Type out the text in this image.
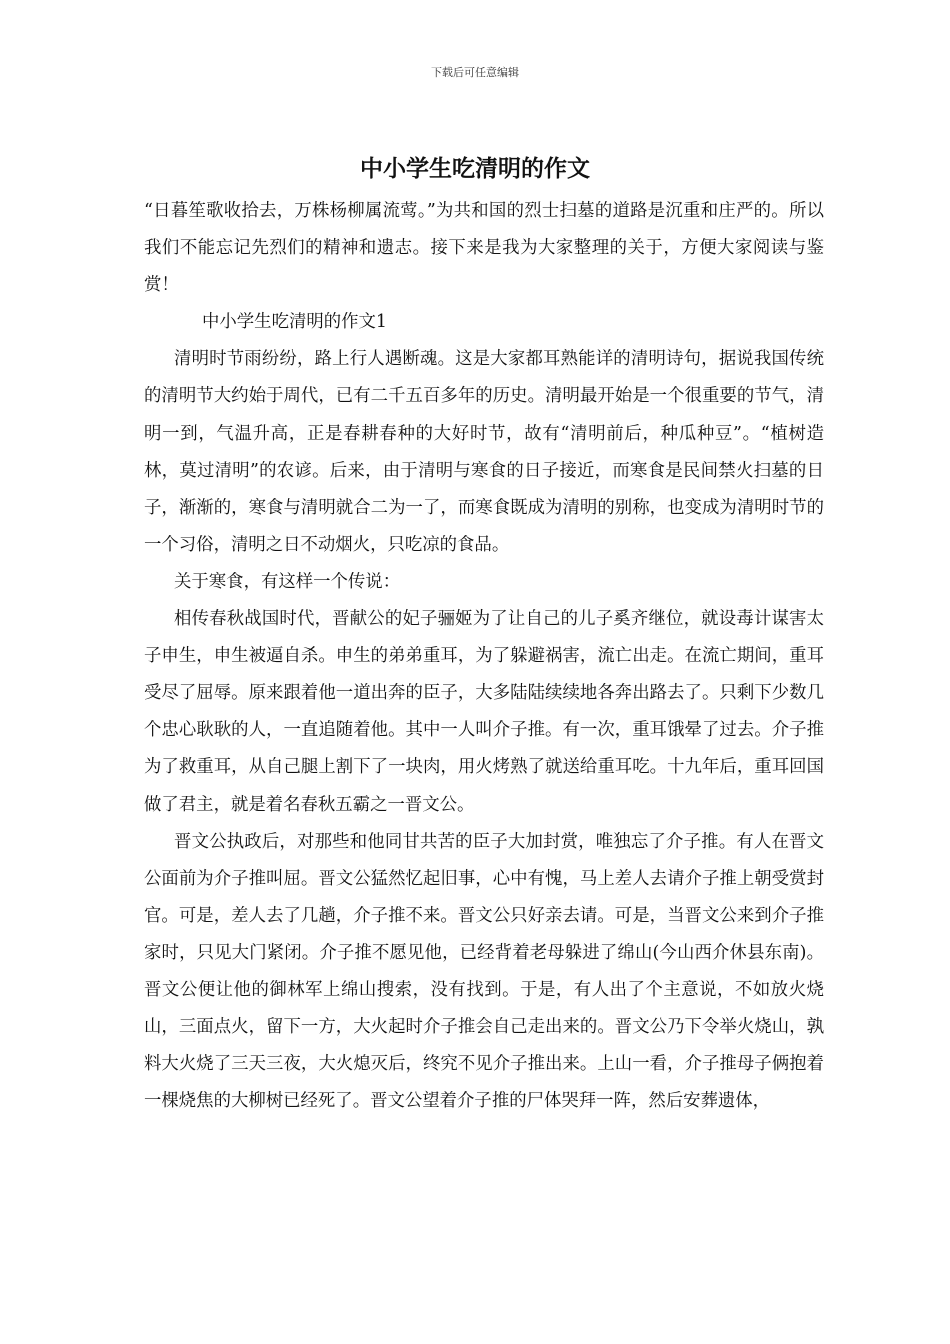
下载后可任意编辑
中小学生吃清明的作文

“日暮笙歌收拾去，万株杨柳属流莺。”为共和国的烈士扫墓的道路是沉重和庄严的。所以我们不能忘记先烈们的精神和遗志。接下来是我为大家整理的关于，方便大家阅读与鉴赏！

中小学生吃清明的作文1

清明时节雨纷纷，路上行人遇断魂。这是大家都耳熟能详的清明诗句，据说我国传统的清明节大约始于周代，已有二千五百多年的历史。清明最开始是一个很重要的节气，清明一到，气温升高，正是春耕春种的大好时节，故有“清明前后，种瓜种豆”。“植树造林，莫过清明”的农谚。后来，由于清明与寒食的日子接近，而寒食是民间禁火扫墓的日子，渐渐的，寒食与清明就合二为一了，而寒食既成为清明的别称，也变成为清明时节的一个习俗，清明之日不动烟火，只吃凉的食品。

关于寒食，有这样一个传说：

相传春秋战国时代，晋献公的妃子骊姬为了让自己的儿子奚齐继位，就设毒计谋害太子申生，申生被逼自杀。申生的弟弟重耳，为了躲避祸害，流亡出走。在流亡期间，重耳受尽了屈辱。原来跟着他一道出奔的臣子，大多陆陆续续地各奔出路去了。只剩下少数几个忠心耿耿的人，一直追随着他。其中一人叫介子推。有一次，重耳饿晕了过去。介子推为了救重耳，从自己腿上割下了一块肉，用火烤熟了就送给重耳吃。十九年后，重耳回国做了君主，就是着名春秋五霸之一晋文公。

晋文公执政后，对那些和他同甘共苦的臣子大加封赏，唯独忘了介子推。有人在晋文公面前为介子推叫屈。晋文公猛然忆起旧事，心中有愧，马上差人去请介子推上朝受赏封官。可是，差人去了几趟，介子推不来。晋文公只好亲去请。可是，当晋文公来到介子推家时，只见大门紧闭。介子推不愿见他，已经背着老母躲进了绵山(今山西介休县东南)。晋文公便让他的御林军上绵山搜索，没有找到。于是，有人出了个主意说，不如放火烧山，三面点火，留下一方，大火起时介子推会自己走出来的。晋文公乃下令举火烧山，孰料大火烧了三天三夜，大火熄灭后，终究不见介子推出来。上山一看，介子推母子俩抱着一棵烧焦的大柳树已经死了。晋文公望着介子推的尸体哭拜一阵，然后安葬遗体，
